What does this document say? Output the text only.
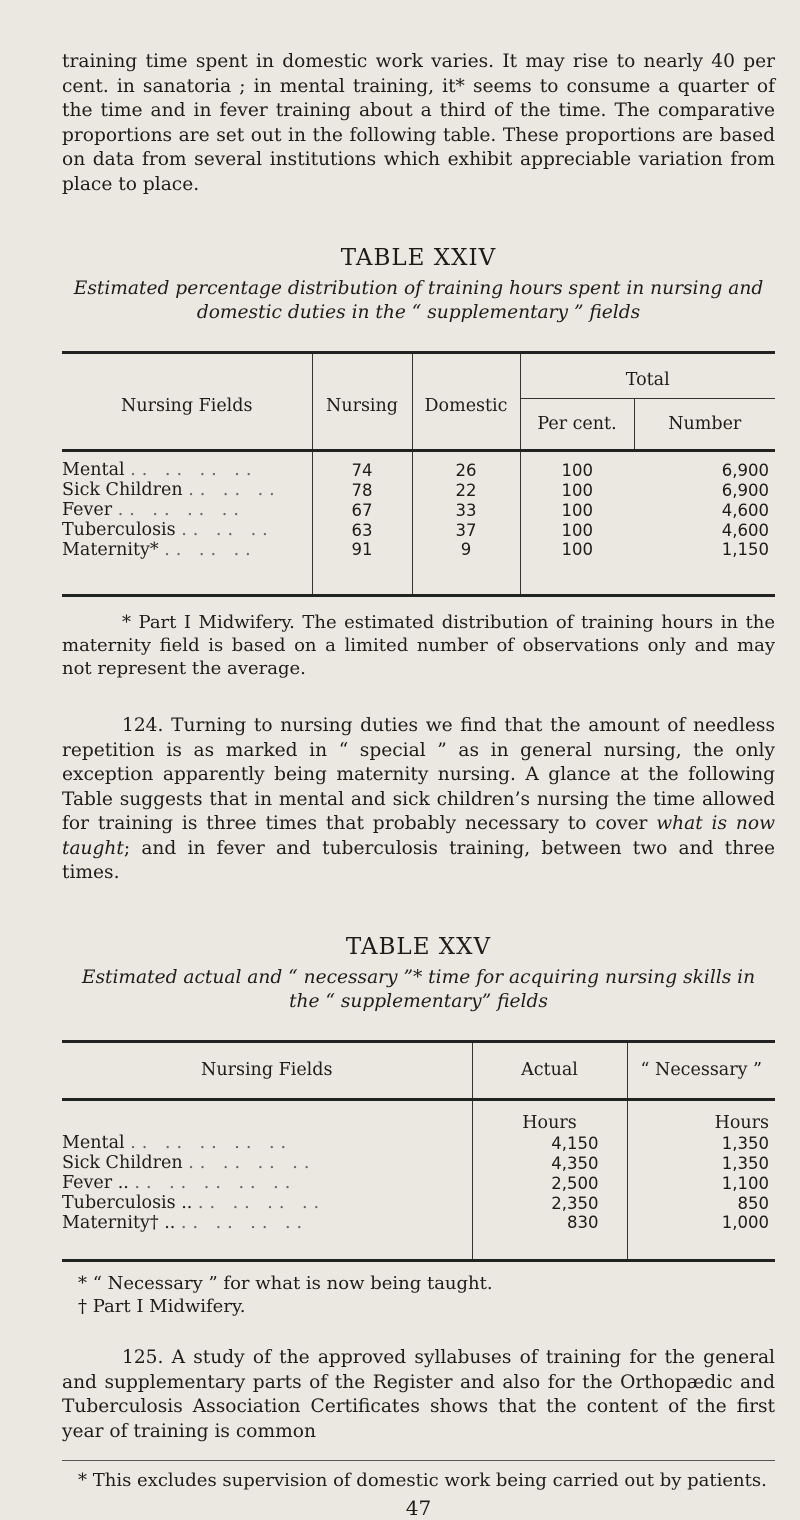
training time spent in domestic work varies. It may rise to nearly 40 per cent. in sanatoria ; in mental training, it* seems to consume a quarter of the time and in fever training about a third of the time. The comparative proportions are set out in the following table. These proportions are based on data from several institutions which exhibit appreciable variation from place to place.

TABLE XXIV
Estimated percentage distribution of training hours spent in nursing and
domestic duties in the “ supplementary ” fields
Nursing Fields	Nursing	Domestic	Total	
			Per cent.	Number
Mental .. .. .. ..	74	26	100	6,900
Sick Children .. .. ..	78	22	100	6,900
Fever .. .. .. ..	67	33	100	4,600
Tuberculosis .. .. ..	63	37	100	4,600
Maternity* .. .. ..	91	9	100	1,150

* Part I Midwifery. The estimated distribution of training hours in the maternity field is based on a limited number of observations only and may not represent the average.

124. Turning to nursing duties we find that the amount of needless repetition is as marked in “ special ” as in general nursing, the only exception apparently being maternity nursing. A glance at the following Table suggests that in mental and sick children’s nursing the time allowed for training is three times that probably necessary to cover what is now taught; and in fever and tuberculosis training, between two and three times.

TABLE XXV
Estimated actual and “ necessary ”* time for acquiring nursing skills in
the “ supplementary” fields
Nursing Fields	Actual	“ Necessary ”
	Hours	Hours
Mental .. .. .. .. ..	4,150	1,350
Sick Children .. .. .. ..	4,350	1,350
Fever .. .. .. .. .. ..	2,500	1,100
Tuberculosis .. .. .. .. ..	2,350	850
Maternity† .. .. .. .. ..	830	1,000

* “ Necessary ” for what is now being taught.

† Part I Midwifery.

125. A study of the approved syllabuses of training for the general and supplementary parts of the Register and also for the Orthopædic and Tuberculosis Association Certificates shows that the content of the first year of training is common

* This excludes supervision of domestic work being carried out by patients.

47
